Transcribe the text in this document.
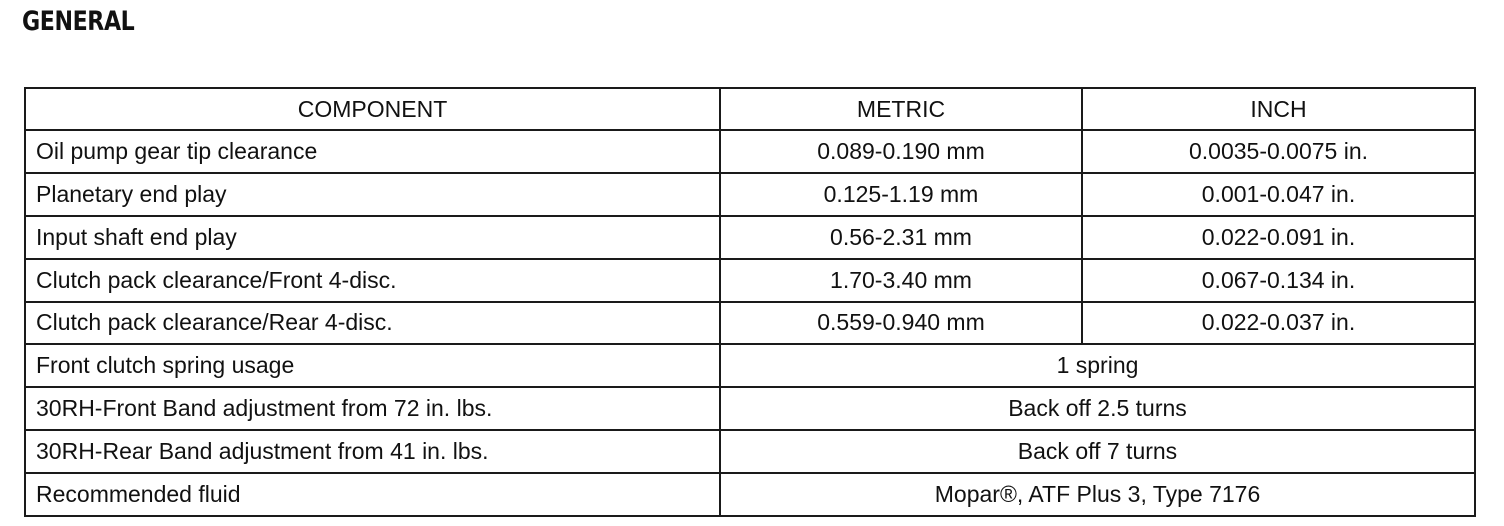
GENERAL
COMPONENT	METRIC	INCH
Oil pump gear tip clearance	0.089-0.190 mm	0.0035-0.0075 in.
Planetary end play	0.125-1.19 mm	0.001-0.047 in.
Input shaft end play	0.56-2.31 mm	0.022-0.091 in.
Clutch pack clearance/Front 4-disc.	1.70-3.40 mm	0.067-0.134 in.
Clutch pack clearance/Rear 4-disc.	0.559-0.940 mm	0.022-0.037 in.
Front clutch spring usage	1 spring	
30RH-Front Band adjustment from 72 in. lbs.	Back off 2.5 turns	
30RH-Rear Band adjustment from 41 in. lbs.	Back off 7 turns	
Recommended fluid	Mopar®, ATF Plus 3, Type 7176	
